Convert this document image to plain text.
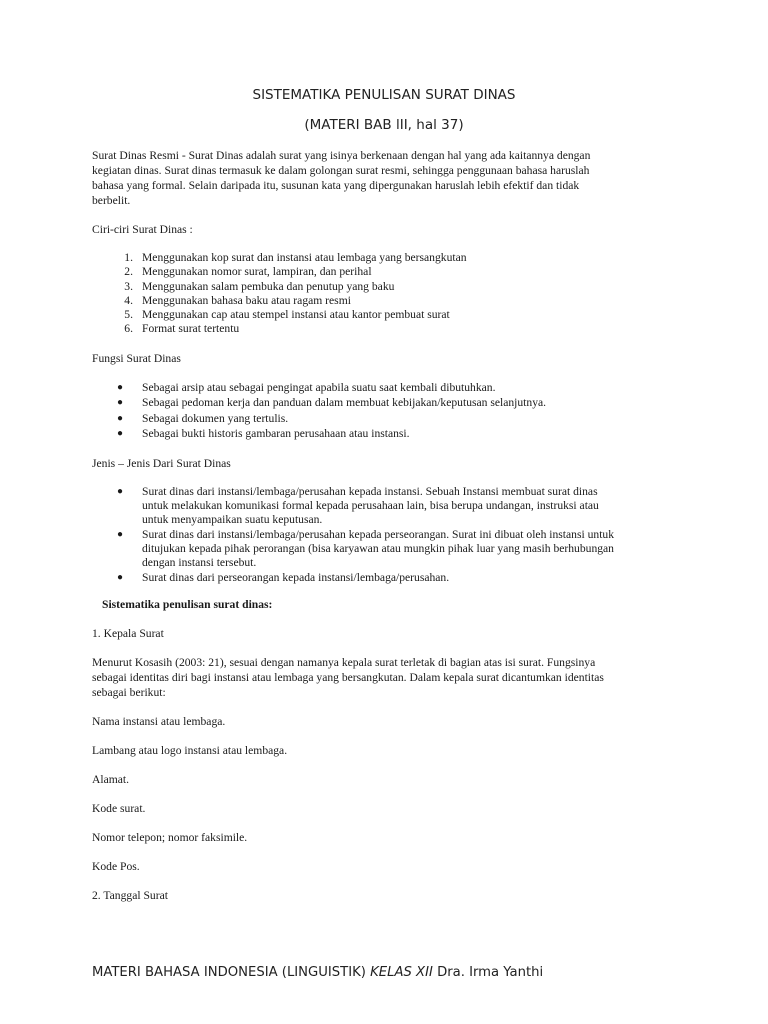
SISTEMATIKA PENULISAN SURAT DINAS
(MATERI BAB lII, hal 37)

Surat Dinas Resmi - Surat Dinas adalah surat yang isinya berkenaan dengan hal yang ada kaitannya dengan
kegiatan dinas. Surat dinas termasuk ke dalam golongan surat resmi, sehingga penggunaan bahasa haruslah
bahasa yang formal. Selain daripada itu, susunan kata yang dipergunakan haruslah lebih efektif dan tidak
berbelit.

Ciri-ciri Surat Dinas :

1 . Menggunakan kop surat dan instansi atau lembaga yang bersangkutan
2 . Menggunakan nomor surat, lampiran, dan perihal
3 . Menggunakan salam pembuka dan penutup yang baku
4 . Menggunakan bahasa baku atau ragam resmi
5 . Menggunakan cap atau stempel instansi atau kantor pembuat surat
6 . Format surat tertentu

Fungsi Surat Dinas

● Sebagai arsip atau sebagai pengingat apabila suatu saat kembali dibutuhkan.
● Sebagai pedoman kerja dan panduan dalam membuat kebijakan/keputusan selanjutnya.
● Sebagai dokumen yang tertulis.
● Sebagai bukti historis gambaran perusahaan atau instansi.

Jenis – Jenis Dari Surat Dinas

● Surat dinas dari instansi/lembaga/perusahan kepada instansi. Sebuah Instansi membuat surat dinas
untuk melakukan komunikasi formal kepada perusahaan lain, bisa berupa undangan, instruksi atau
untuk menyampaikan suatu keputusan.
● Surat dinas dari instansi/lembaga/perusahan kepada perseorangan. Surat ini dibuat oleh instansi untuk
ditujukan kepada pihak perorangan (bisa karyawan atau mungkin pihak luar yang masih berhubungan
dengan instansi tersebut.
● Surat dinas dari perseorangan kepada instansi/lembaga/perusahan.

Sistematika penulisan surat dinas:

1. Kepala Surat

Menurut Kosasih (2003: 21), sesuai dengan namanya kepala surat terletak di bagian atas isi surat. Fungsinya
sebagai identitas diri bagi instansi atau lembaga yang bersangkutan. Dalam kepala surat dicantumkan identitas
sebagai berikut:

Nama instansi atau lembaga.

Lambang atau logo instansi atau lembaga.

Alamat.

Kode surat.

Nomor telepon; nomor faksimile.

Kode Pos.

2. Tanggal Surat

MATERI BAHASA INDONESIA (LINGUISTIK) KELAS XII Dra. Irma Yanthi
